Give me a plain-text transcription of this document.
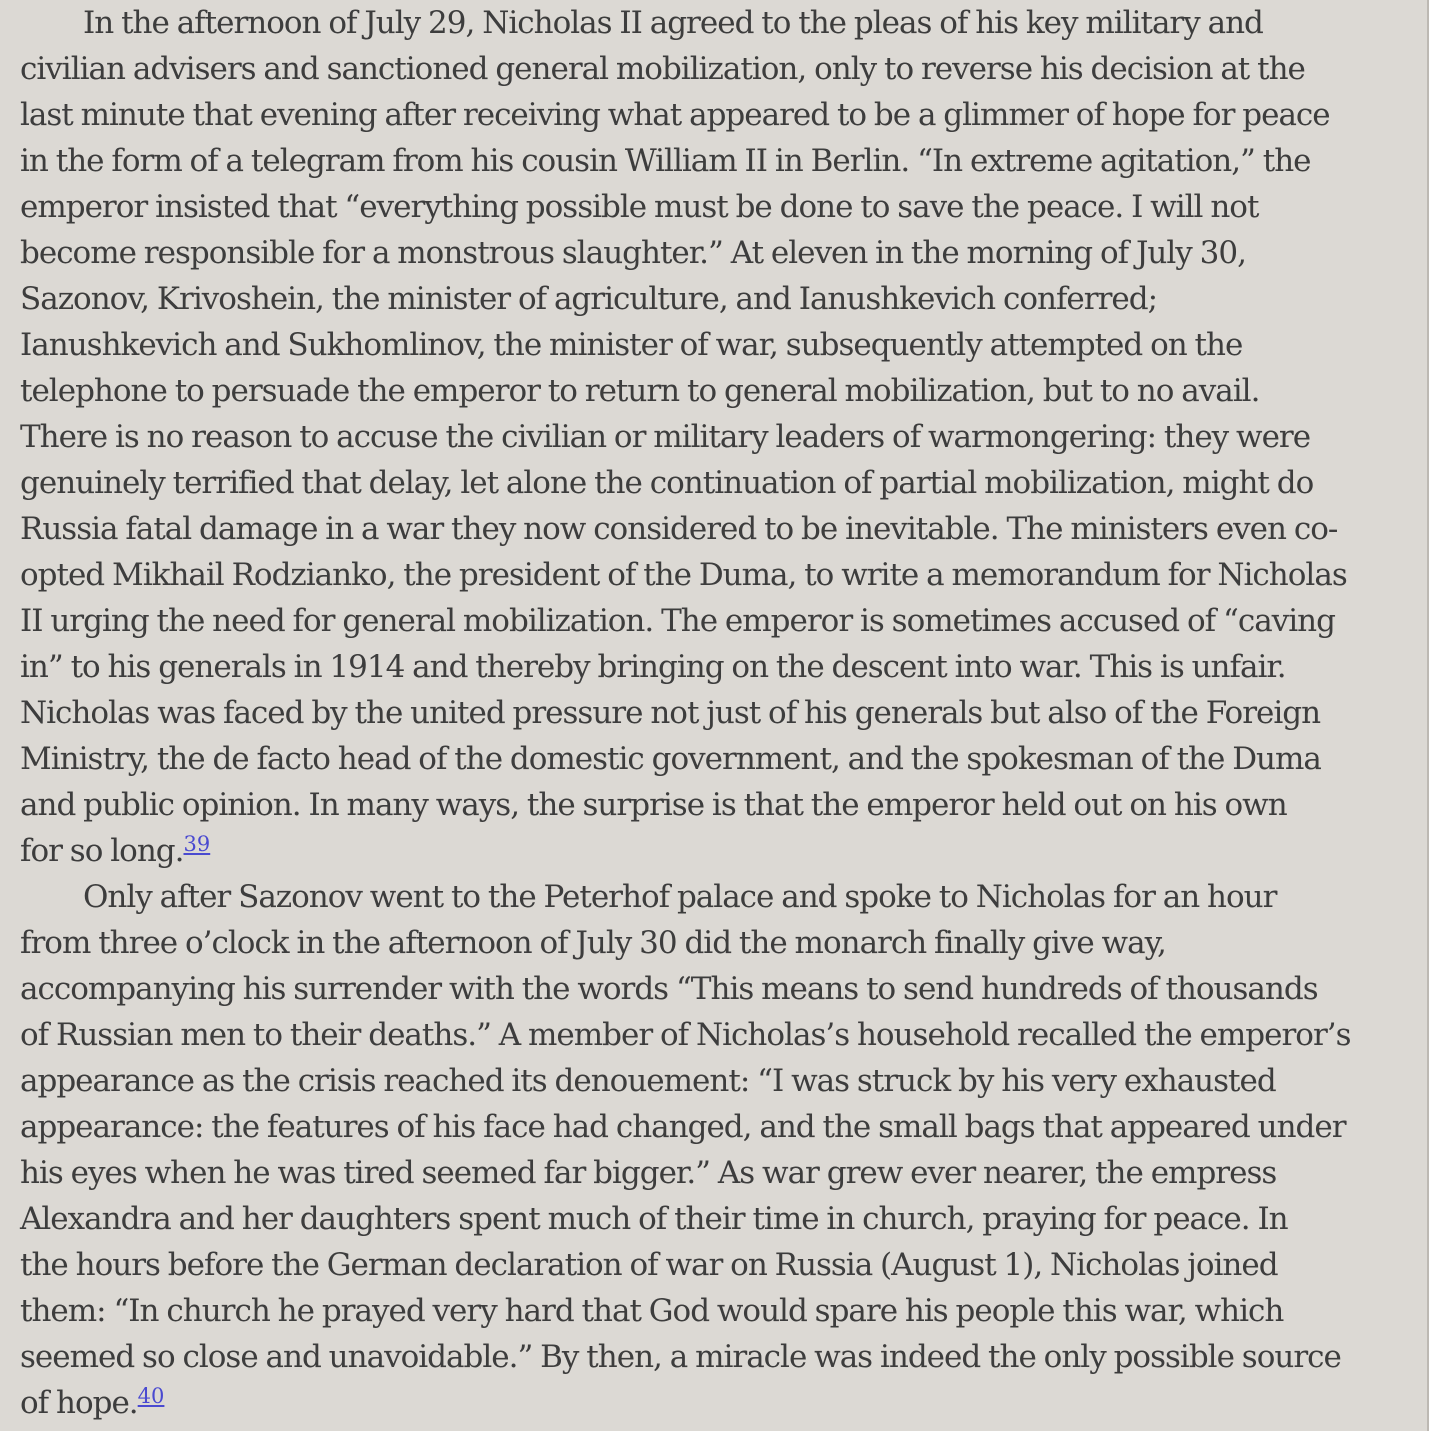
In the afternoon of July 29, Nicholas II agreed to the pleas of his key military and
civilian advisers and sanctioned general mobilization, only to reverse his decision at the
last minute that evening after receiving what appeared to be a glimmer of hope for peace
in the form of a telegram from his cousin William II in Berlin. “In extreme agitation,” the
emperor insisted that “everything possible must be done to save the peace. I will not
become responsible for a monstrous slaughter.” At eleven in the morning of July 30,
Sazonov, Krivoshein, the minister of agriculture, and Ianushkevich conferred;
Ianushkevich and Sukhomlinov, the minister of war, subsequently attempted on the
telephone to persuade the emperor to return to general mobilization, but to no avail.
There is no reason to accuse the civilian or military leaders of warmongering: they were
genuinely terrified that delay, let alone the continuation of partial mobilization, might do
Russia fatal damage in a war they now considered to be inevitable. The ministers even co-
opted Mikhail Rodzianko, the president of the Duma, to write a memorandum for Nicholas
II urging the need for general mobilization. The emperor is sometimes accused of “caving
in” to his generals in 1914 and thereby bringing on the descent into war. This is unfair.
Nicholas was faced by the united pressure not just of his generals but also of the Foreign
Ministry, the de facto head of the domestic government, and the spokesman of the Duma
and public opinion. In many ways, the surprise is that the emperor held out on his own
for so long.$^{39}$

Only after Sazonov went to the Peterhof palace and spoke to Nicholas for an hour
from three o’clock in the afternoon of July 30 did the monarch finally give way,
accompanying his surrender with the words “This means to send hundreds of thousands
of Russian men to their deaths.” A member of Nicholas’s household recalled the emperor’s
appearance as the crisis reached its denouement: “I was struck by his very exhausted
appearance: the features of his face had changed, and the small bags that appeared under
his eyes when he was tired seemed far bigger.” As war grew ever nearer, the empress
Alexandra and her daughters spent much of their time in church, praying for peace. In
the hours before the German declaration of war on Russia (August 1), Nicholas joined
them: “In church he prayed very hard that God would spare his people this war, which
seemed so close and unavoidable.” By then, a miracle was indeed the only possible source
of hope.$^{40}$
